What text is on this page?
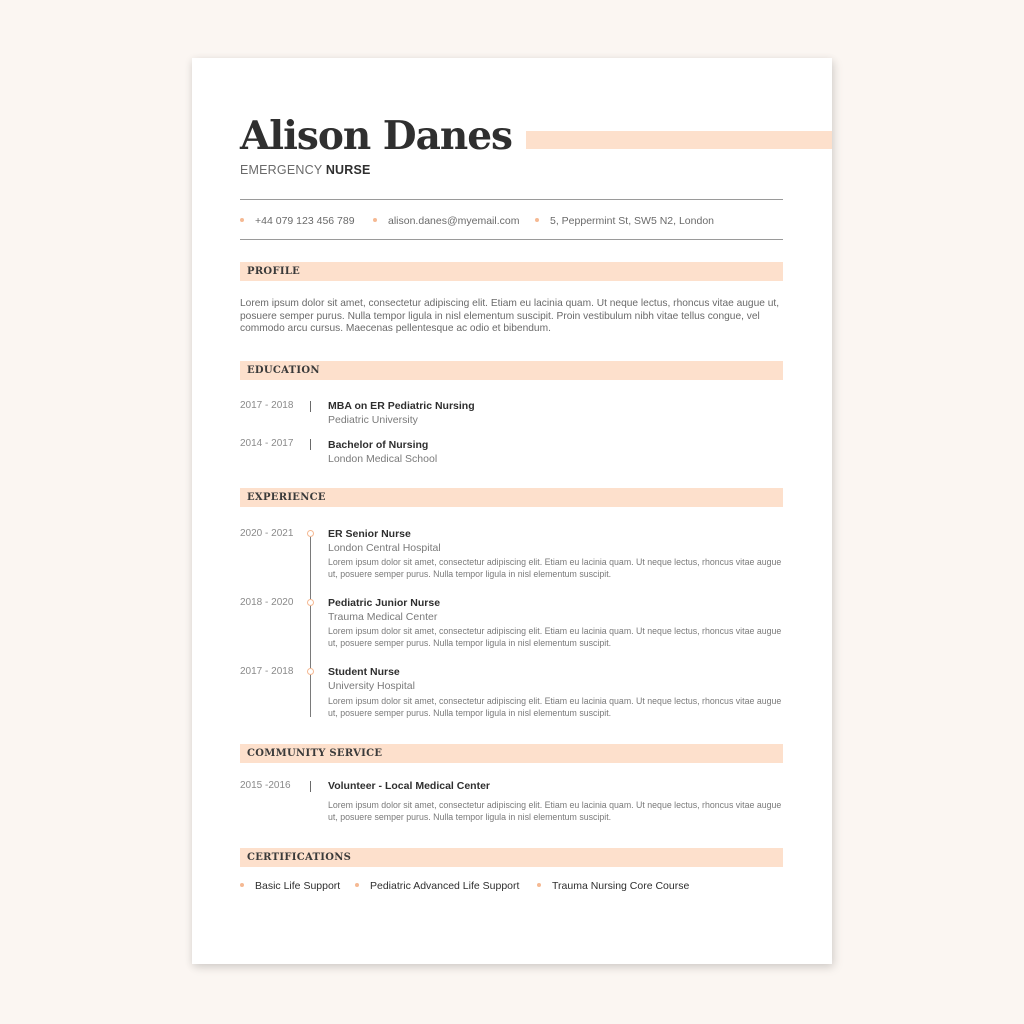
Alison Danes
EMERGENCY NURSE
+44 079 123 456 789	alison.danes@myemail.com	5, Peppermint St, SW5 N2, London
PROFILE

Lorem ipsum dolor sit amet, consectetur adipiscing elit. Etiam eu lacinia quam. Ut neque lectus, rhoncus vitae augue ut, posuere semper purus. Nulla tempor ligula in nisl elementum suscipit. Proin vestibulum nibh vitae tellus congue, vel commodo arcu cursus. Maecenas pellentesque ac odio et bibendum.

EDUCATION
2017 - 2018	MBA on ER Pediatric Nursing
Pediatric University
2014 - 2017	Bachelor of Nursing
London Medical School
EXPERIENCE
2020 - 2021	ER Senior Nurse
London Central Hospital

Lorem ipsum dolor sit amet, consectetur adipiscing elit. Etiam eu lacinia quam. Ut neque lectus, rhoncus vitae augue ut, posuere semper purus. Nulla tempor ligula in nisl elementum suscipit.

2018 - 2020	Pediatric Junior Nurse
Trauma Medical Center

Lorem ipsum dolor sit amet, consectetur adipiscing elit. Etiam eu lacinia quam. Ut neque lectus, rhoncus vitae augue ut, posuere semper purus. Nulla tempor ligula in nisl elementum suscipit.

2017 - 2018	Student Nurse
University Hospital

Lorem ipsum dolor sit amet, consectetur adipiscing elit. Etiam eu lacinia quam. Ut neque lectus, rhoncus vitae augue ut, posuere semper purus. Nulla tempor ligula in nisl elementum suscipit.

COMMUNITY SERVICE
2015 -2016	Volunteer - Local Medical Center

Lorem ipsum dolor sit amet, consectetur adipiscing elit. Etiam eu lacinia quam. Ut neque lectus, rhoncus vitae augue ut, posuere semper purus. Nulla tempor ligula in nisl elementum suscipit.

CERTIFICATIONS
Basic Life Support	Pediatric Advanced Life Support	Trauma Nursing Core Course
